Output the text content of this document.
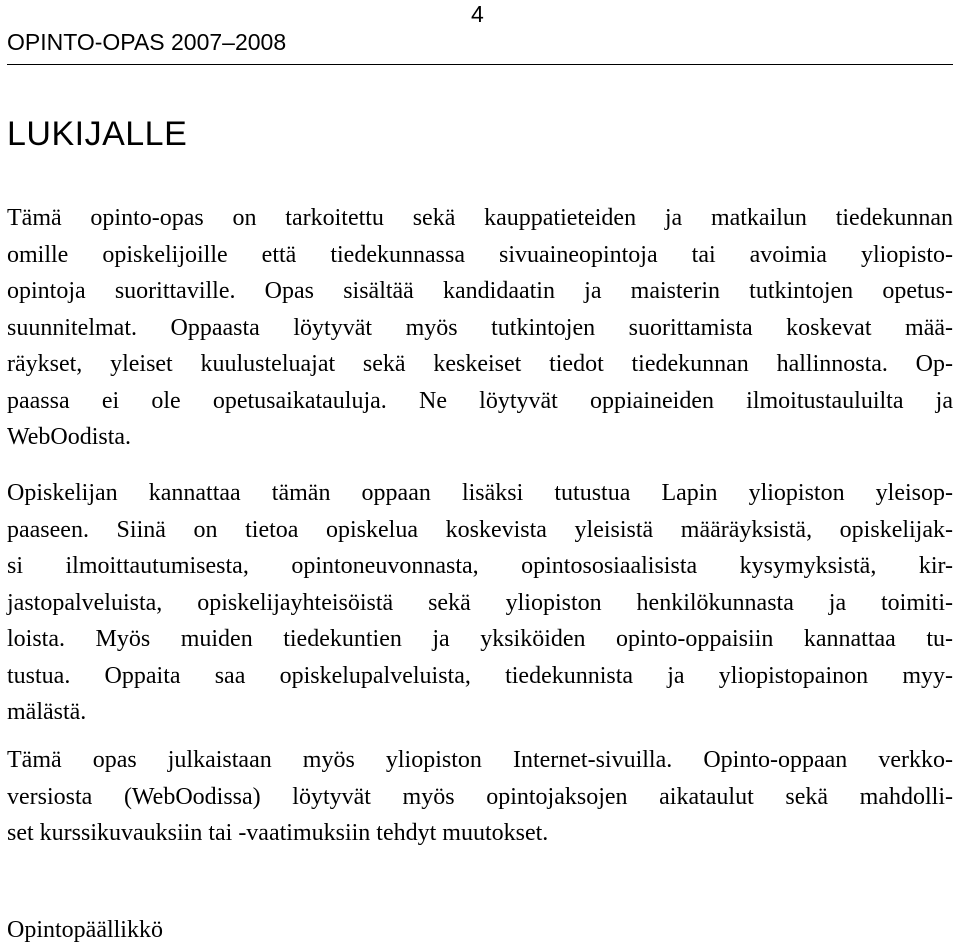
4
OPINTO-OPAS 2007–2008
LUKIJALLE
Tämä opinto-opas on tarkoitettu sekä kauppatieteiden ja matkailun tiedekunnan
omille opiskelijoille että tiedekunnassa sivuaineopintoja tai avoimia yliopisto-
opintoja suorittaville. Opas sisältää kandidaatin ja maisterin tutkintojen opetus-
suunnitelmat. Oppaasta löytyvät myös tutkintojen suorittamista koskevat mää-
räykset, yleiset kuulusteluajat sekä keskeiset tiedot tiedekunnan hallinnosta. Op-
paassa ei ole opetusaikatauluja. Ne löytyvät oppiaineiden ilmoitustauluilta ja
WebOodista.
Opiskelijan kannattaa tämän oppaan lisäksi tutustua Lapin yliopiston yleisop-
paaseen. Siinä on tietoa opiskelua koskevista yleisistä määräyksistä, opiskelijak-
si ilmoittautumisesta, opintoneuvonnasta, opintososiaalisista kysymyksistä, kir-
jastopalveluista, opiskelijayhteisöistä sekä yliopiston henkilökunnasta ja toimiti-
loista. Myös muiden tiedekuntien ja yksiköiden opinto-oppaisiin kannattaa tu-
tustua. Oppaita saa opiskelupalveluista, tiedekunnista ja yliopistopainon myy-
mälästä.
Tämä opas julkaistaan myös yliopiston Internet-sivuilla. Opinto-oppaan verkko-
versiosta (WebOodissa) löytyvät myös opintojaksojen aikataulut sekä mahdolli-
set kurssikuvauksiin tai -vaatimuksiin tehdyt muutokset.
Opintopäällikkö
